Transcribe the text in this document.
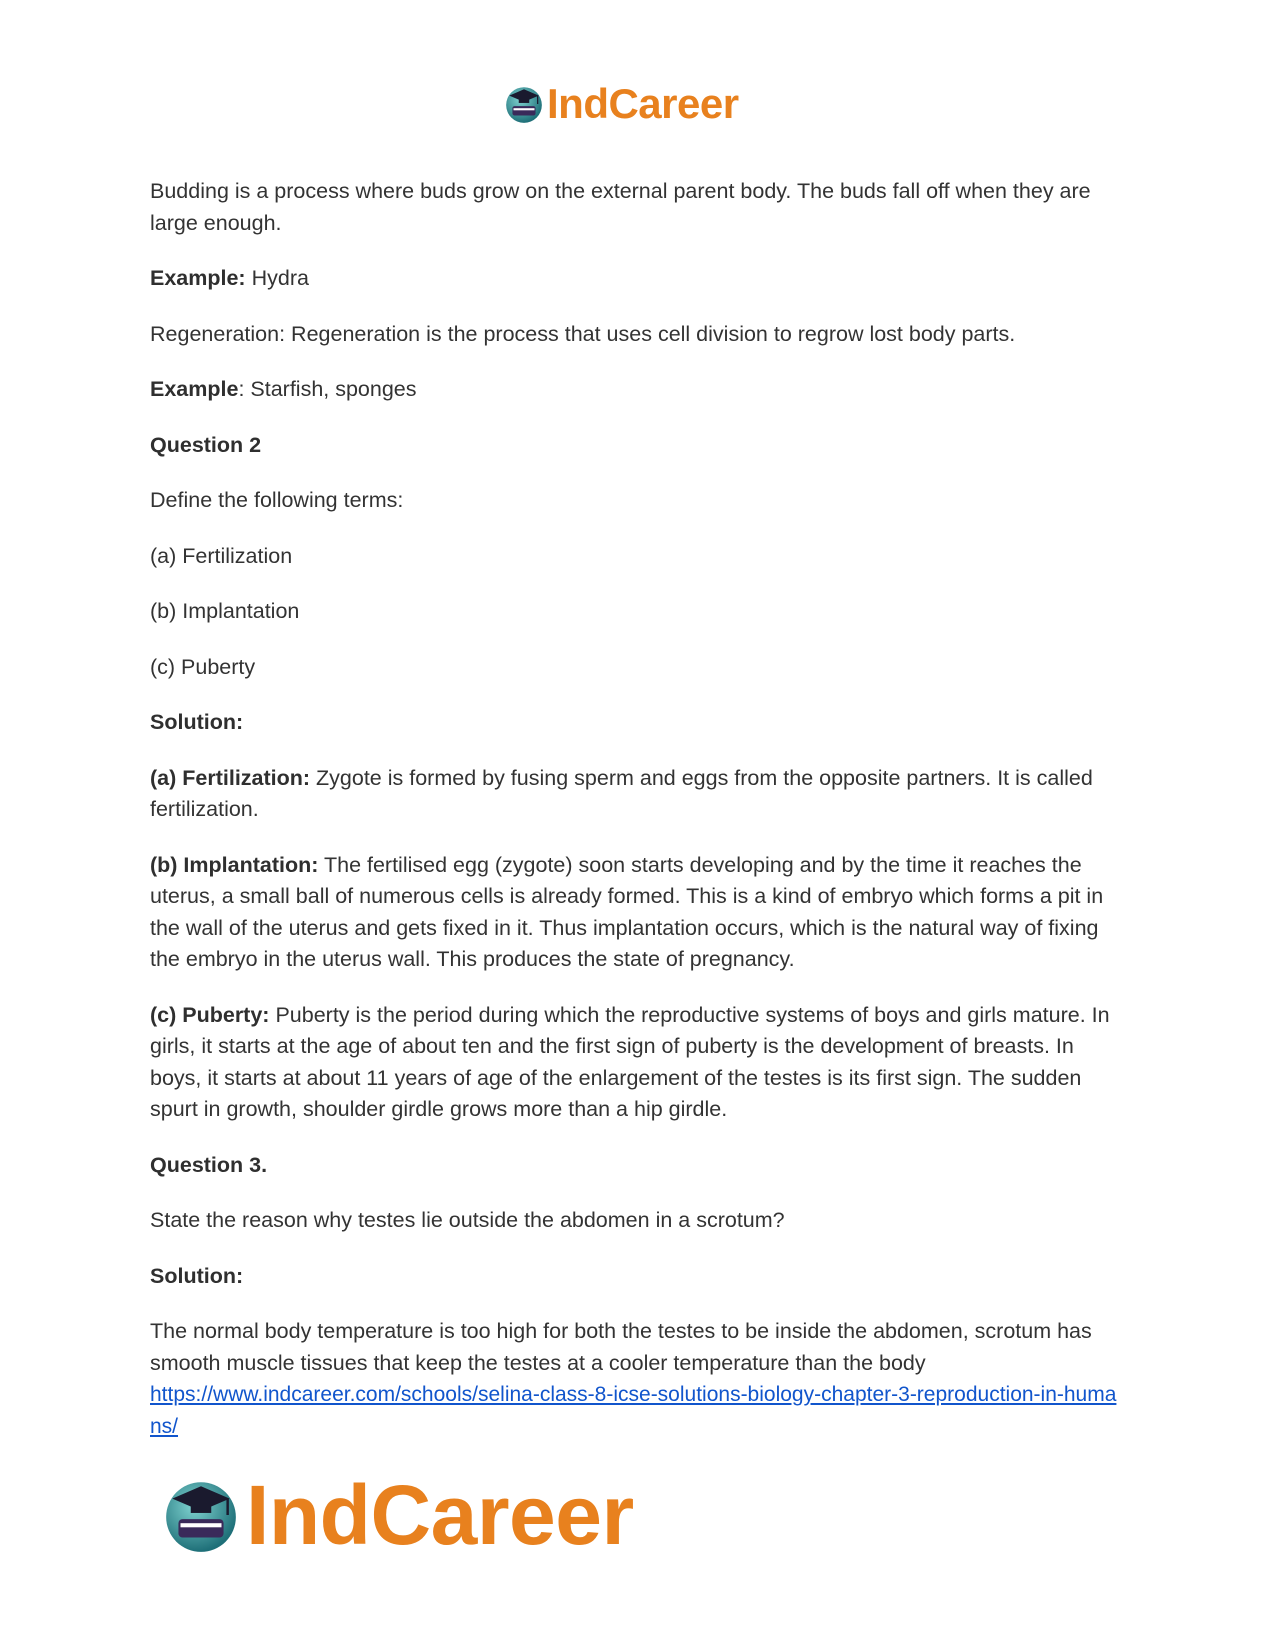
IndCareer

Budding is a process where buds grow on the external parent body. The buds fall off when they are large enough.

Example: Hydra

Regeneration: Regeneration is the process that uses cell division to regrow lost body parts.

Example: Starfish, sponges

Question 2

Define the following terms:

(a) Fertilization

(b) Implantation

(c) Puberty

Solution:

(a) Fertilization: Zygote is formed by fusing sperm and eggs from the opposite partners. It is called fertilization.

(b) Implantation: The fertilised egg (zygote) soon starts developing and by the time it reaches the uterus, a small ball of numerous cells is already formed. This is a kind of embryo which forms a pit in the wall of the uterus and gets fixed in it. Thus implantation occurs, which is the natural way of fixing the embryo in the uterus wall. This produces the state of pregnancy.

(c) Puberty: Puberty is the period during which the reproductive systems of boys and girls mature. In girls, it starts at the age of about ten and the first sign of puberty is the development of breasts. In boys, it starts at about 11 years of age of the enlargement of the testes is its first sign. The sudden spurt in growth, shoulder girdle grows more than a hip girdle.

Question 3.

State the reason why testes lie outside the abdomen in a scrotum?

Solution:

The normal body temperature is too high for both the testes to be inside the abdomen, scrotum has smooth muscle tissues that keep the testes at a cooler temperature than the body
https://www.indcareer.com/schools/selina-class-8-icse-solutions-biology-chapter-3-reproduction-in-humans/

IndCareer
